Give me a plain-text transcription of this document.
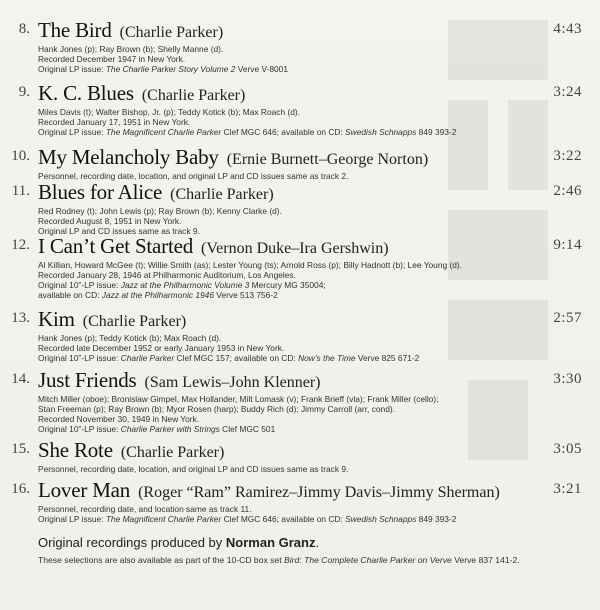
8. The Bird (Charlie Parker)	4:43
Hank Jones (p); Ray Brown (b); Shelly Manne (d).
Recorded December 1947 in New York.
Original LP issue: The Charlie Parker Story Volume 2 Verve V-8001
9. K. C. Blues (Charlie Parker)	3:24
Miles Davis (t); Walter Bishop, Jr. (p); Teddy Kotick (b); Max Roach (d).
Recorded January 17, 1951 in New York.
Original LP issue: The Magnificent Charlie Parker Clef MGC 646; available on CD: Swedish Schnapps 849 393-2
10. My Melancholy Baby (Ernie Burnett–George Norton)	3:22
Personnel, recording date, location, and original LP and CD issues same as track 2.
11. Blues for Alice (Charlie Parker)	2:46
Red Rodney (t); John Lewis (p); Ray Brown (b); Kenny Clarke (d).
Recorded August 8, 1951 in New York.
Original LP and CD issues same as track 9.
12. I Can’t Get Started (Vernon Duke–Ira Gershwin)	9:14
Al Killian, Howard McGee (t); Willie Smith (as); Lester Young (ts); Arnold Ross (p); Billy Hadnott (b); Lee Young (d).
Recorded January 28, 1946 at Philharmonic Auditorium, Los Angeles.
Original 10”-LP issue: Jazz at the Philharmonic Volume 3 Mercury MG 35004;
available on CD: Jazz at the Philharmonic 1946 Verve 513 756-2
13. Kim (Charlie Parker)	2:57
Hank Jones (p); Teddy Kotick (b); Max Roach (d).
Recorded late December 1952 or early January 1953 in New York.
Original 10”-LP issue: Charlie Parker Clef MGC 157; available on CD: Now’s the Time Verve 825 671-2
14. Just Friends (Sam Lewis–John Klenner)	3:30
Mitch Miller (oboe); Bronislaw Gimpel, Max Hollander, Milt Lomask (v); Frank Brieff (vla); Frank Miller (cello);
Stan Freeman (p); Ray Brown (b); Myor Rosen (harp); Buddy Rich (d); Jimmy Carroll (arr, cond).
Recorded November 30, 1949 in New York.
Original 10”-LP issue: Charlie Parker with Strings Clef MGC 501
15. She Rote (Charlie Parker)	3:05
Personnel, recording date, location, and original LP and CD issues same as track 9.
16. Lover Man (Roger “Ram” Ramirez–Jimmy Davis–Jimmy Sherman)	3:21
Personnel, recording date, and location same as track 11.
Original LP issue: The Magnificent Charlie Parker Clef MGC 646; available on CD: Swedish Schnapps 849 393-2
Original recordings produced by Norman Granz.
These selections are also available as part of the 10-CD box set Bird: The Complete Charlie Parker on Verve Verve 837 141-2.
